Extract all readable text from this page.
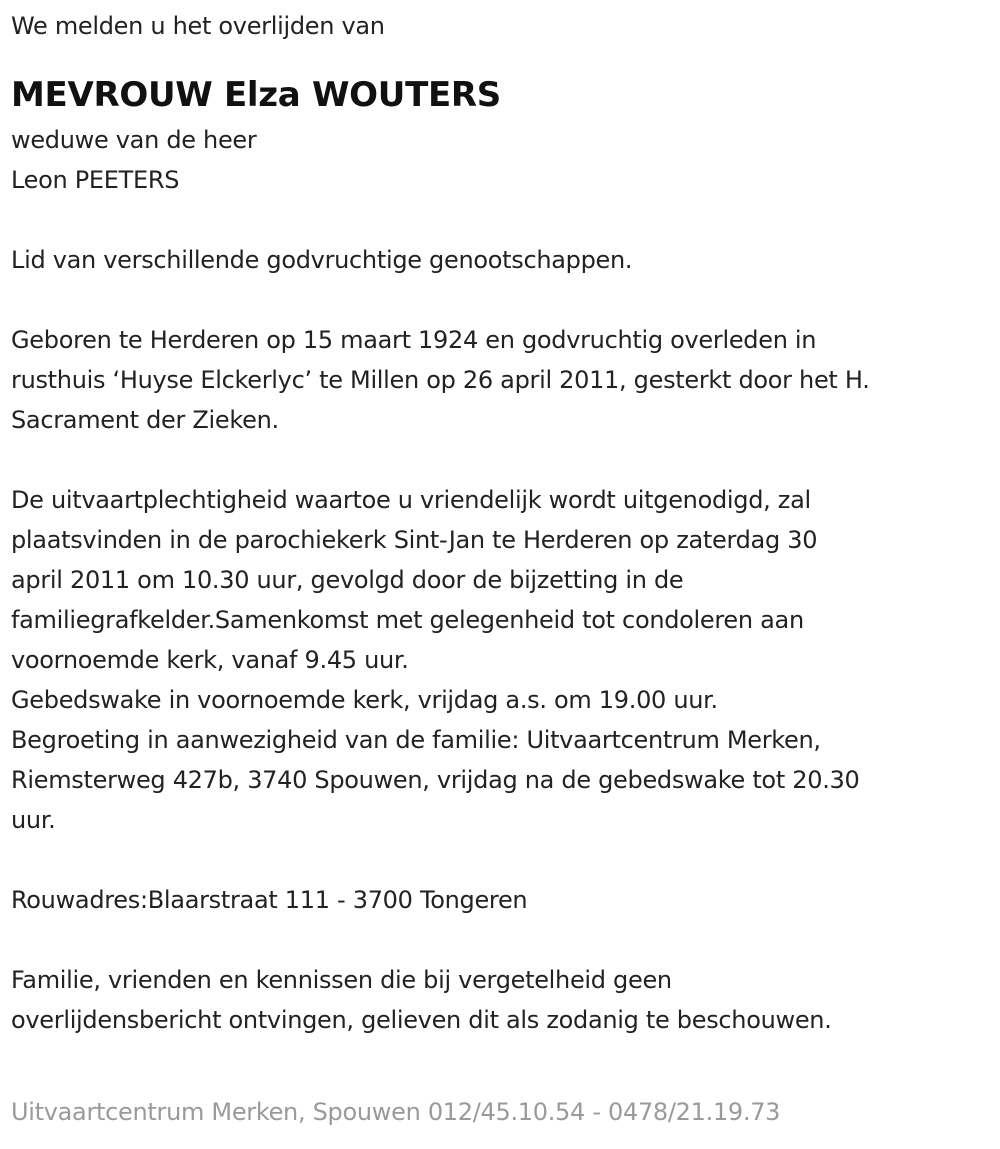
We melden u het overlijden van
MEVROUW Elza WOUTERS
weduwe van de heer
Leon PEETERS
Lid van verschillende godvruchtige genootschappen.
Geboren te Herderen op 15 maart 1924 en godvruchtig overleden in
rusthuis ‘Huyse Elckerlyc’ te Millen op 26 april 2011, gesterkt door het H.
Sacrament der Zieken.
De uitvaartplechtigheid waartoe u vriendelijk wordt uitgenodigd, zal
plaatsvinden in de parochiekerk Sint-Jan te Herderen op zaterdag 30
april 2011 om 10.30 uur, gevolgd door de bijzetting in de
familiegrafkelder.Samenkomst met gelegenheid tot condoleren aan
voornoemde kerk, vanaf 9.45 uur.
Gebedswake in voornoemde kerk, vrijdag a.s. om 19.00 uur.
Begroeting in aanwezigheid van de familie: Uitvaartcentrum Merken,
Riemsterweg 427b, 3740 Spouwen, vrijdag na de gebedswake tot 20.30
uur.
Rouwadres:Blaarstraat 111 - 3700 Tongeren
Familie, vrienden en kennissen die bij vergetelheid geen
overlijdensbericht ontvingen, gelieven dit als zodanig te beschouwen.
Uitvaartcentrum Merken, Spouwen 012/45.10.54 - 0478/21.19.73
